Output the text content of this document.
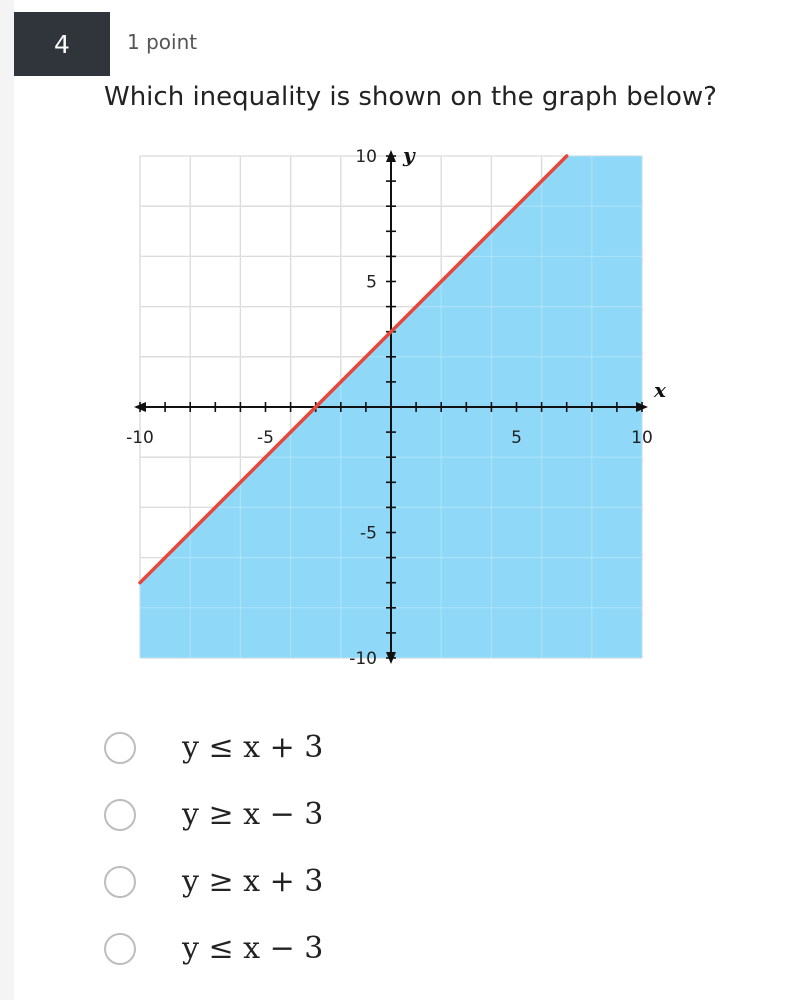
4	1 point
Which inequality is shown on the graph below?
-10	-5	5	10
10
5
-5
-10
x
y
y ≤ x + 3
y ≥ x − 3
y ≥ x + 3
y ≤ x − 3
